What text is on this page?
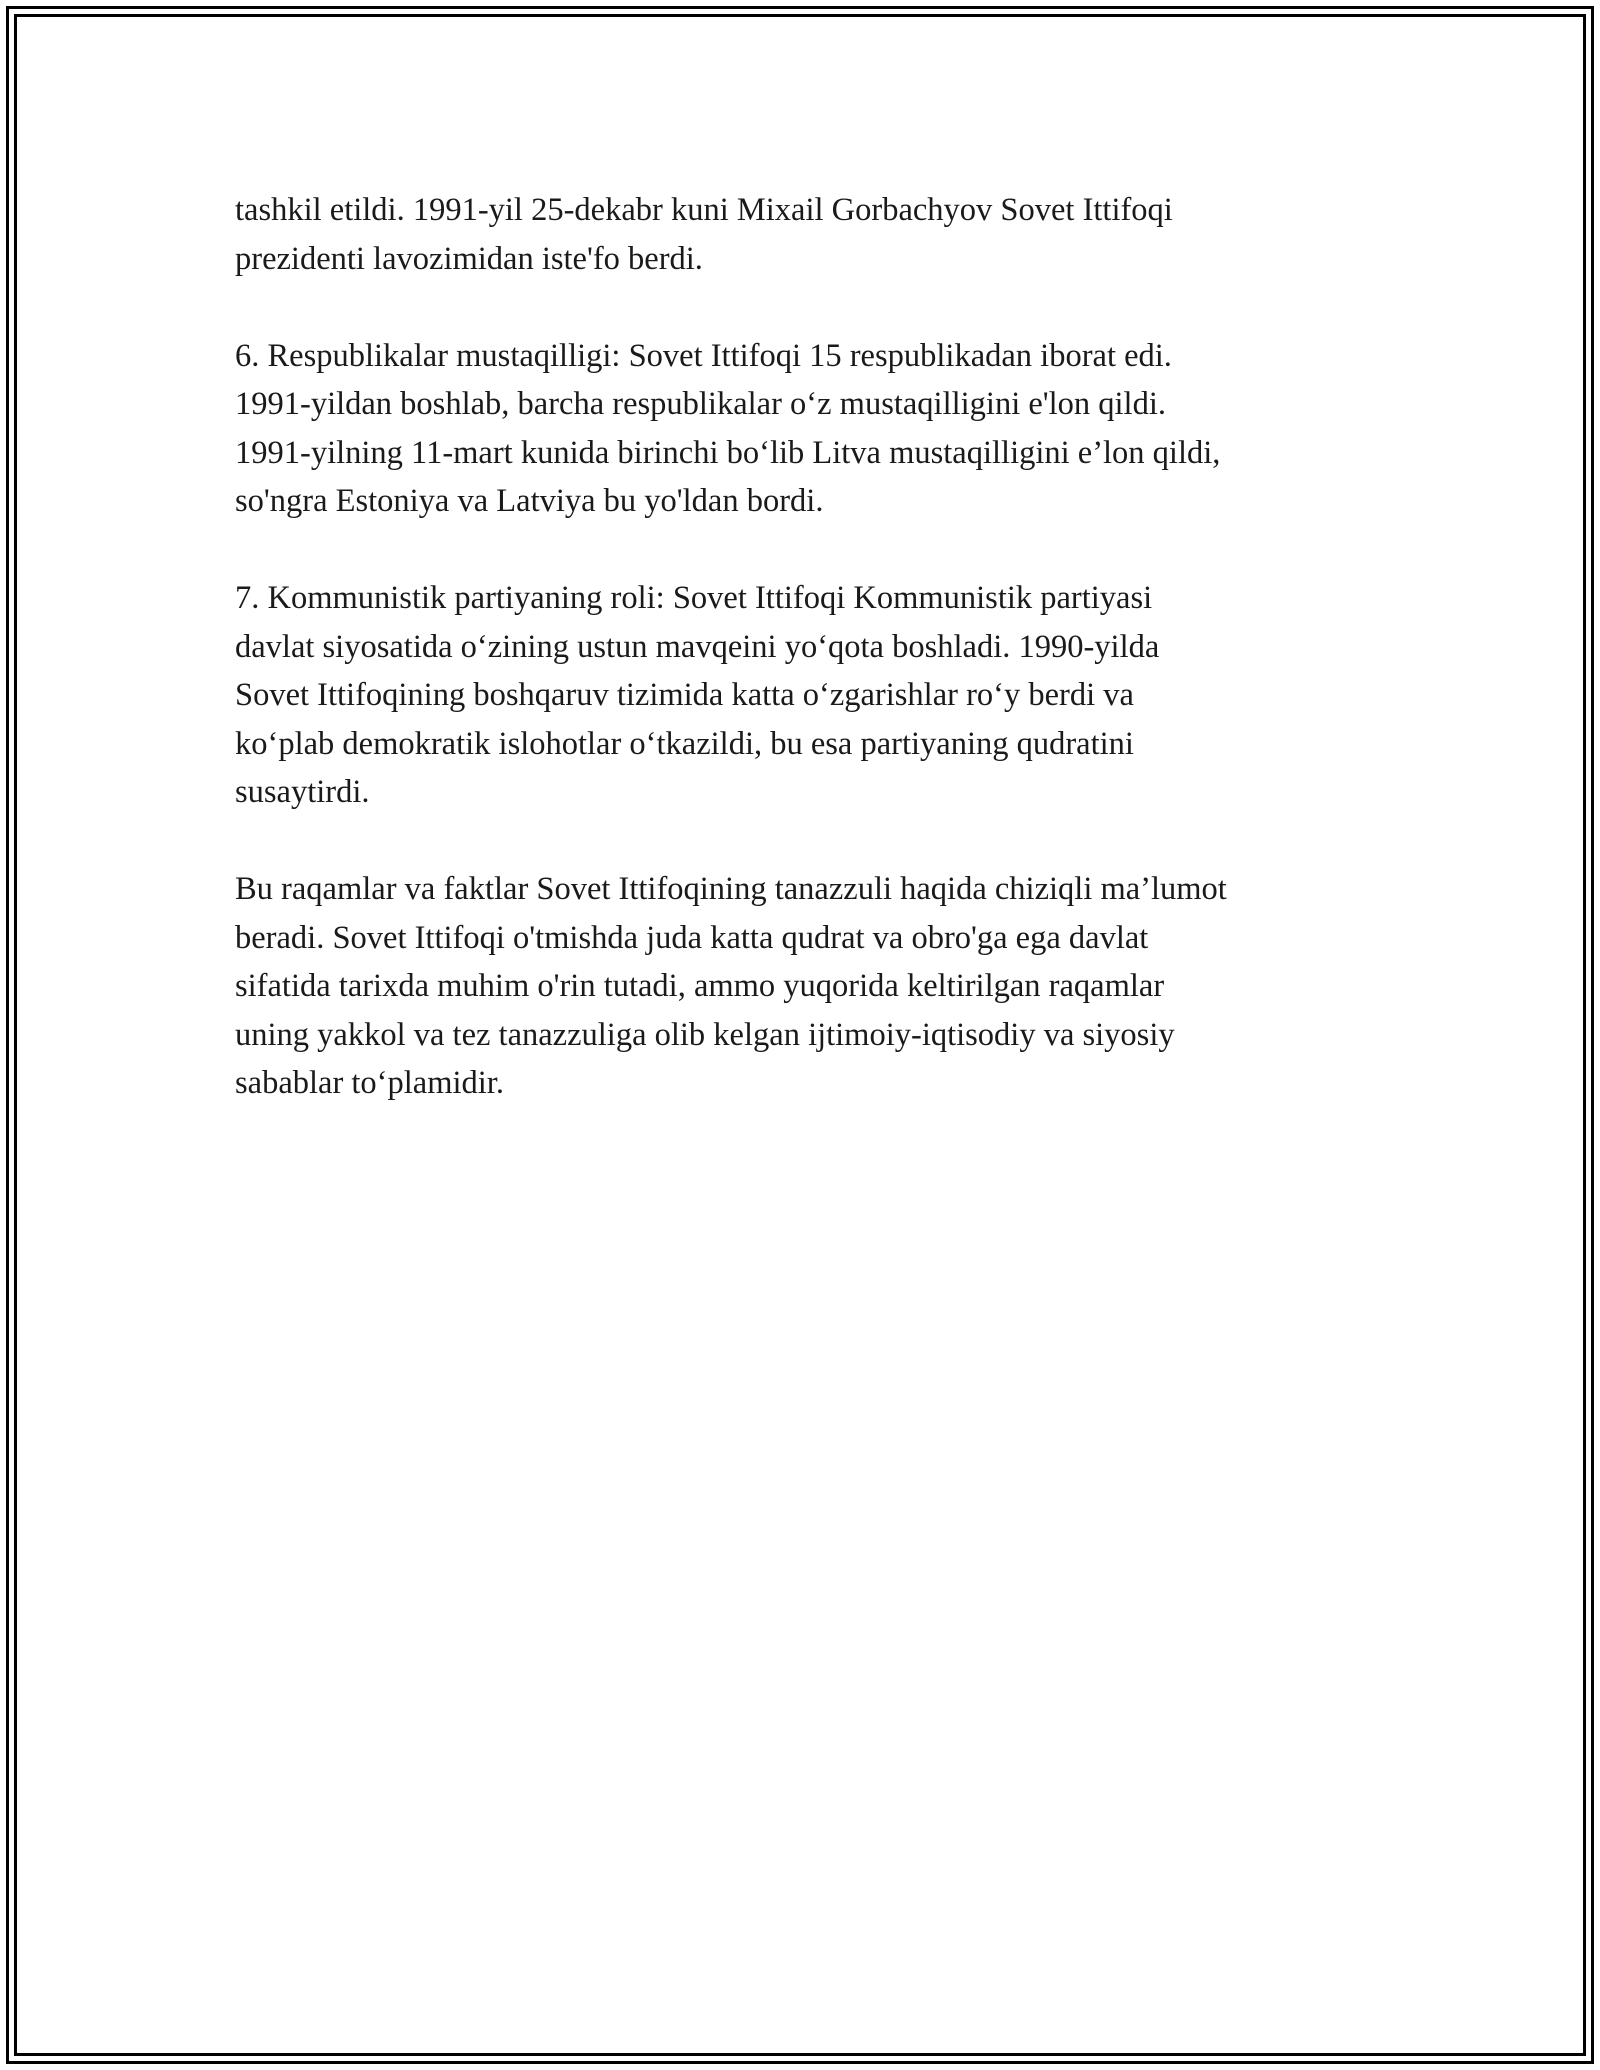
tashkil etildi. 1991-yil 25-dekabr kuni Mixail Gorbachyov Sovet Ittifoqi
prezidenti lavozimidan iste'fo berdi.

6. Respublikalar mustaqilligi: Sovet Ittifoqi 15 respublikadan iborat edi.
1991-yildan boshlab, barcha respublikalar oʻz mustaqilligini e'lon qildi.
1991-yilning 11-mart kunida birinchi boʻlib Litva mustaqilligini e’lon qildi,
so'ngra Estoniya va Latviya bu yo'ldan bordi.

7. Kommunistik partiyaning roli: Sovet Ittifoqi Kommunistik partiyasi
davlat siyosatida oʻzining ustun mavqeini yoʻqota boshladi. 1990-yilda
Sovet Ittifoqining boshqaruv tizimida katta oʻzgarishlar roʻy berdi va
koʻplab demokratik islohotlar oʻtkazildi, bu esa partiyaning qudratini
susaytirdi.

Bu raqamlar va faktlar Sovet Ittifoqining tanazzuli haqida chiziqli ma’lumot
beradi. Sovet Ittifoqi o'tmishda juda katta qudrat va obro'ga ega davlat
sifatida tarixda muhim o'rin tutadi, ammo yuqorida keltirilgan raqamlar
uning yakkol va tez tanazzuliga olib kelgan ijtimoiy-iqtisodiy va siyosiy
sabablar toʻplamidir.
